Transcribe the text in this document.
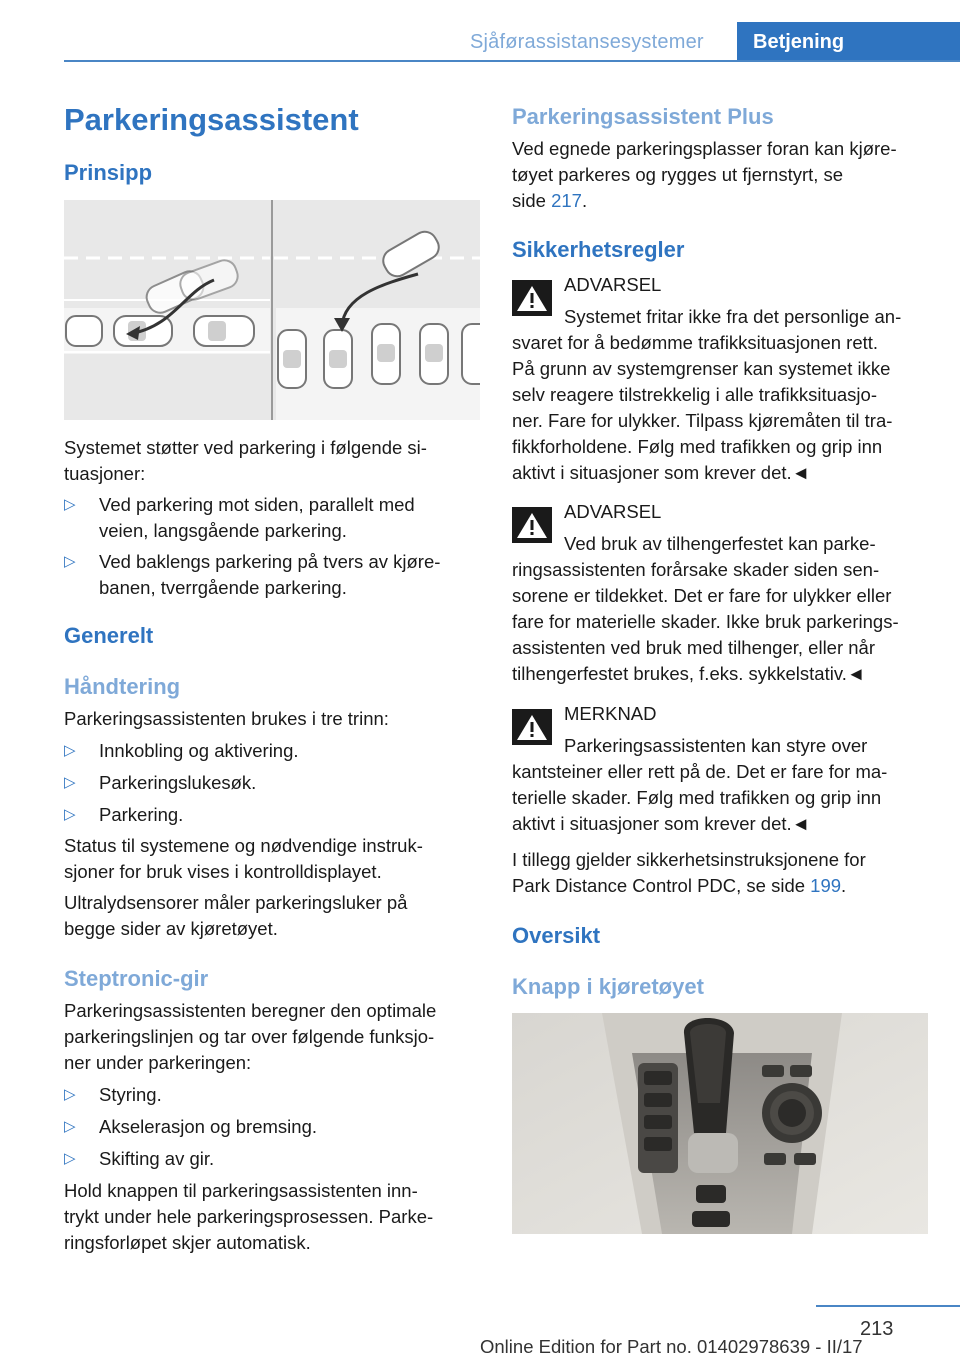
Sjåførassistansesystemer	Betjening
Parkeringsassistent
Prinsipp
Systemet støtter ved parkering i følgende si-
tuasjoner:
▷ Ved parkering mot siden, parallelt med
veien, langsgående parkering.
▷ Ved baklengs parkering på tvers av kjøre-
banen, tverrgående parkering.
Generelt
Håndtering
Parkeringsassistenten brukes i tre trinn:
▷ Innkobling og aktivering.
▷ Parkeringslukesøk.
▷ Parkering.
Status til systemene og nødvendige instruk-
sjoner for bruk vises i kontrolldisplayet.
Ultralydsensorer måler parkeringsluker på
begge sider av kjøretøyet.
Steptronic-gir
Parkeringsassistenten beregner den optimale
parkeringslinjen og tar over følgende funksjo-
ner under parkeringen:
▷ Styring.
▷ Akselerasjon og bremsing.
▷ Skifting av gir.
Hold knappen til parkeringsassistenten inn-
trykt under hele parkeringsprosessen. Parke-
ringsforløpet skjer automatisk.
Parkeringsassistent Plus
Ved egnede parkeringsplasser foran kan kjøre-
tøyet parkeres og rygges ut fjernstyrt, se
side 217.
Sikkerhetsregler
ADVARSEL
Systemet fritar ikke fra det personlige an-
svaret for å bedømme trafikksituasjonen rett.
På grunn av systemgrenser kan systemet ikke
selv reagere tilstrekkelig i alle trafikksituasjo-
ner. Fare for ulykker. Tilpass kjøremåten til tra-
fikkforholdene. Følg med trafikken og grip inn
aktivt i situasjoner som krever det.◄
ADVARSEL
Ved bruk av tilhengerfestet kan parke-
ringsassistenten forårsake skader siden sen-
sorene er tildekket. Det er fare for ulykker eller
fare for materielle skader. Ikke bruk parkerings-
assistenten ved bruk med tilhenger, eller når
tilhengerfestet brukes, f.eks. sykkelstativ.◄
MERKNAD
Parkeringsassistenten kan styre over
kantsteiner eller rett på de. Det er fare for ma-
terielle skader. Følg med trafikken og grip inn
aktivt i situasjoner som krever det.◄
I tillegg gjelder sikkerhetsinstruksjonene for
Park Distance Control PDC, se side 199.
Oversikt
Knapp i kjøretøyet
213
Online Edition for Part no. 01402978639 - II/17
